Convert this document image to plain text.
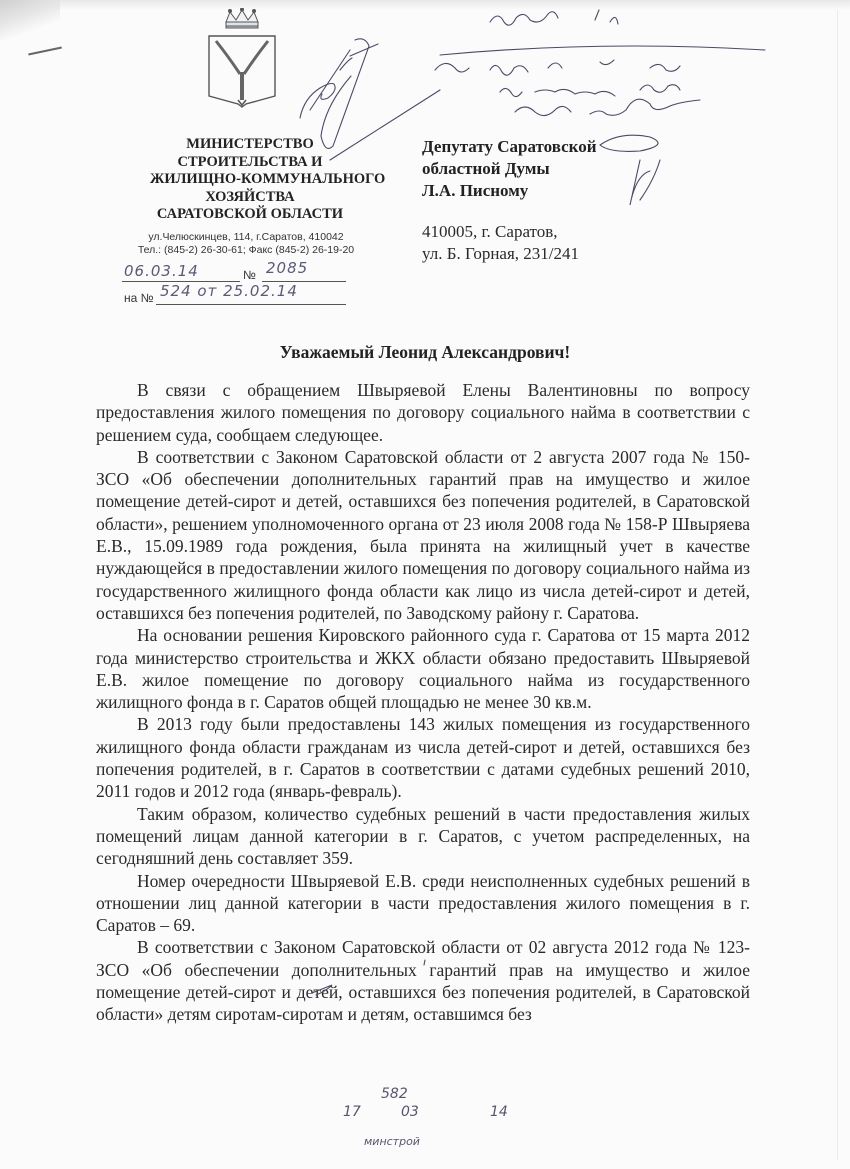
МИНИСТЕРСТВО
СТРОИТЕЛЬСТВА И
ЖИЛИЩНО-КОММУНАЛЬНОГО
ХОЗЯЙСТВА
САРАТОВСКОЙ ОБЛАСТИ
ул.Челюскинцев, 114, г.Саратов, 410042
Тел.: (845-2) 26-30-61; Факс (845-2) 26-19-20
06.03.14	№ 2085
на № 524 от 25.02.14
Депутату Саратовской
областной Думы
Л.А. Писному
410005, г. Саратов,
ул. Б. Горная, 231/241
Уважаемый Леонид Александрович!

В связи с обращением Швыряевой Елены Валентиновны по вопросу предоставления жилого помещения по договору социального найма в соответствии с решением суда, сообщаем следующее.

В соответствии с Законом Саратовской области от 2 августа 2007 года № 150-ЗСО «Об обеспечении дополнительных гарантий прав на имущество и жилое помещение детей-сирот и детей, оставшихся без попечения родителей, в Саратовской области», решением уполномоченного органа от 23 июля 2008 года № 158-Р Швыряева Е.В., 15.09.1989 года рождения, была принята на жилищный учет в качестве нуждающейся в предоставлении жилого помещения по договору социального найма из государственного жилищного фонда области как лицо из числа детей-сирот и детей, оставшихся без попечения родителей, по Заводскому району г. Саратова.

На основании решения Кировского районного суда г. Саратова от 15 марта 2012 года министерство строительства и ЖКХ области обязано предоставить Швыряевой Е.В. жилое помещение по договору социального найма из государственного жилищного фонда в г. Саратов общей площадью не менее 30 кв.м.

В 2013 году были предоставлены 143 жилых помещения из государственного жилищного фонда области гражданам из числа детей-сирот и детей, оставшихся без попечения родителей, в г. Саратов в соответствии с датами судебных решений 2010, 2011 годов и 2012 года (январь-февраль).

Таким образом, количество судебных решений в части предоставления жилых помещений лицам данной категории в г. Саратов, с учетом распределенных, на сегодняшний день составляет 359.

Номер очередности Швыряевой Е.В. среди неисполненных судебных решений в отношении лиц данной категории в части предоставления жилого помещения в г. Саратов – 69.

В соответствии с Законом Саратовской области от 02 августа 2012 года № 123-ЗСО «Об обеспечении дополнительных гарантий прав на имущество и жилое помещение детей-сирот и детей, оставшихся без попечения родителей, в Саратовской области» детям сиротам-сиротам и детям, оставшимся без

582
17	03	14
минстрой
